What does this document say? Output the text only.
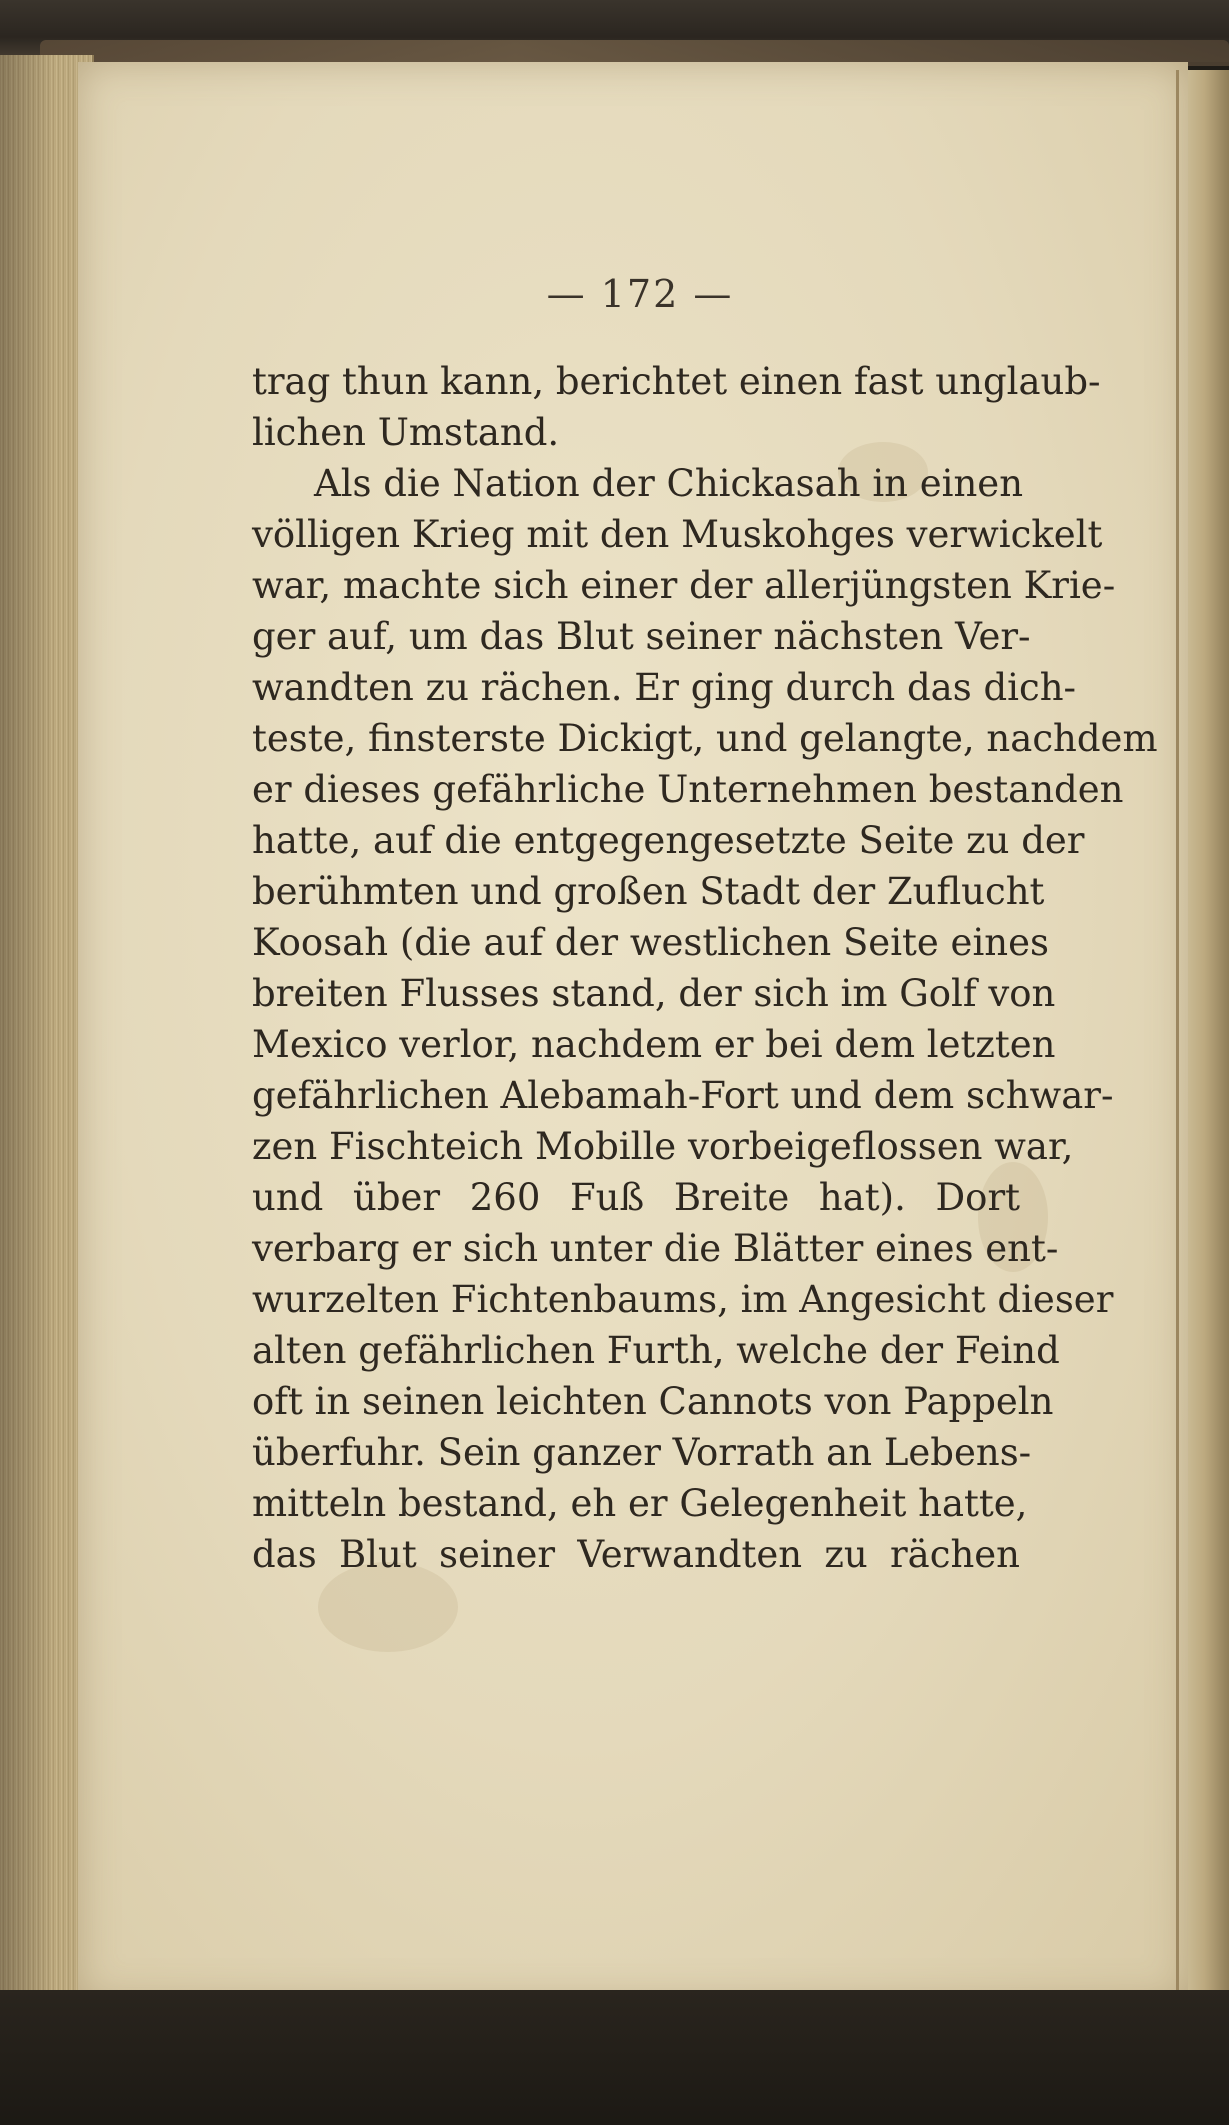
— 172 —
trag thun kann, berichtet einen fast unglaub-
lichen Umstand.
Als die Nation der Chickasah in einen
völligen Krieg mit den Muskohges verwickelt
war, machte sich einer der allerjüngsten Krie-
ger auf, um das Blut seiner nächsten Ver-
wandten zu rächen. Er ging durch das dich-
teste, finsterste Dickigt, und gelangte, nachdem
er dieses gefährliche Unternehmen bestanden
hatte, auf die entgegengesetzte Seite zu der
berühmten und großen Stadt der Zuflucht
Koosah (die auf der westlichen Seite eines
breiten Flusses stand, der sich im Golf von
Mexico verlor, nachdem er bei dem letzten
gefährlichen Alebamah-Fort und dem schwar-
zen Fischteich Mobille vorbeigeflossen war,
und über 260 Fuß Breite hat). Dort
verbarg er sich unter die Blätter eines ent-
wurzelten Fichtenbaums, im Angesicht dieser
alten gefährlichen Furth, welche der Feind
oft in seinen leichten Cannots von Pappeln
überfuhr. Sein ganzer Vorrath an Lebens-
mitteln bestand, eh er Gelegenheit hatte,
das Blut seiner Verwandten zu rächen
